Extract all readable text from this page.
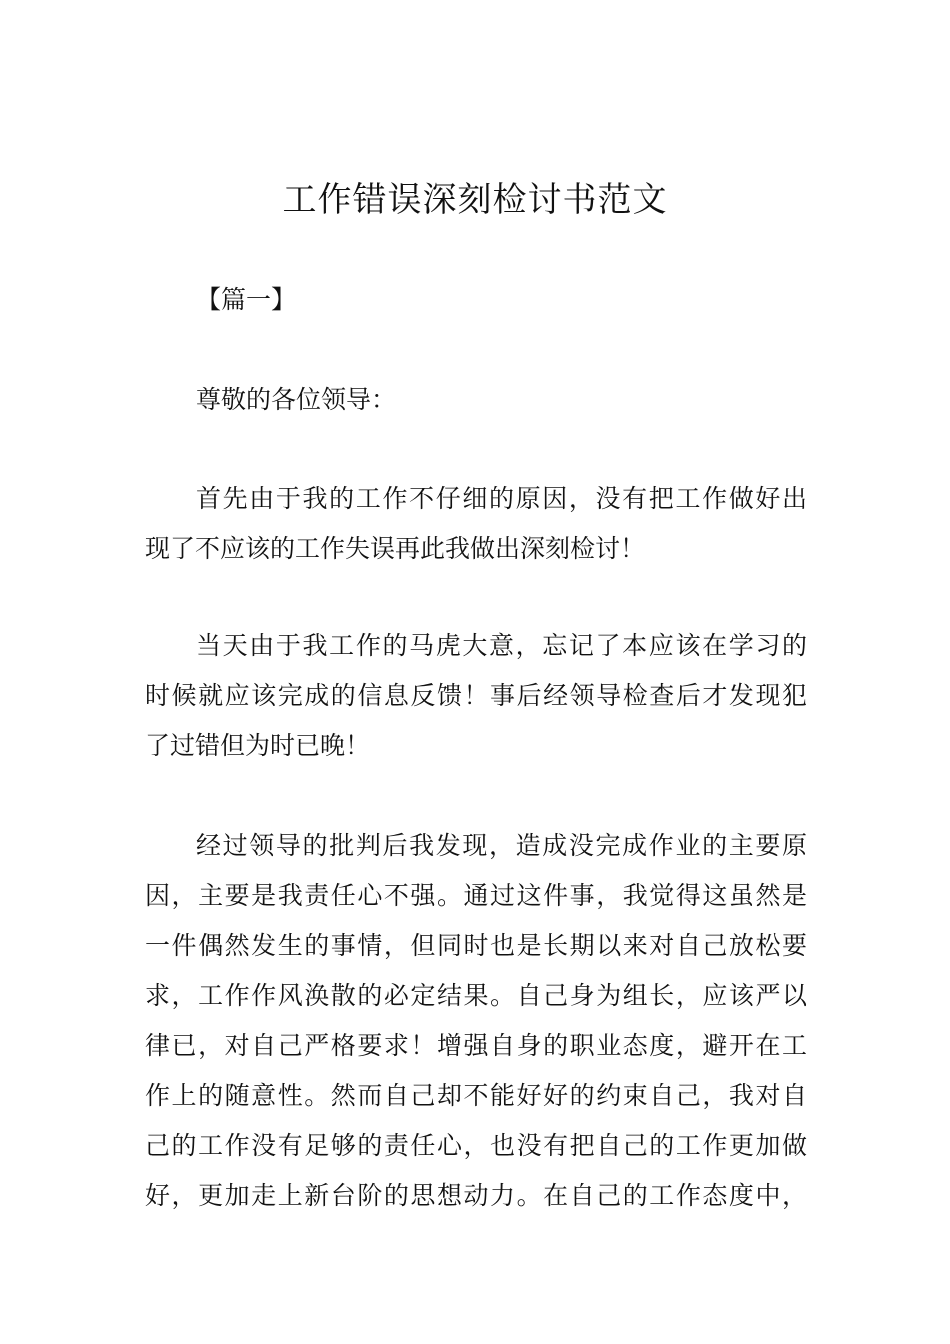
工作错误深刻检讨书范文
【篇一】
尊敬的各位领导：
首先由于我的工作不仔细的原因，没有把工作做好出
现了不应该的工作失误再此我做出深刻检讨！
当天由于我工作的马虎大意，忘记了本应该在学习的
时候就应该完成的信息反馈！事后经领导检查后才发现犯
了过错但为时已晚！
经过领导的批判后我发现，造成没完成作业的主要原
因，主要是我责任心不强。通过这件事，我觉得这虽然是
一件偶然发生的事情，但同时也是长期以来对自己放松要
求，工作作风涣散的必定结果。自己身为组长，应该严以
律已，对自己严格要求！增强自身的职业态度，避开在工
作上的随意性。然而自己却不能好好的约束自己，我对自
己的工作没有足够的责任心，也没有把自己的工作更加做
好，更加走上新台阶的思想动力。在自己的工作态度中，
